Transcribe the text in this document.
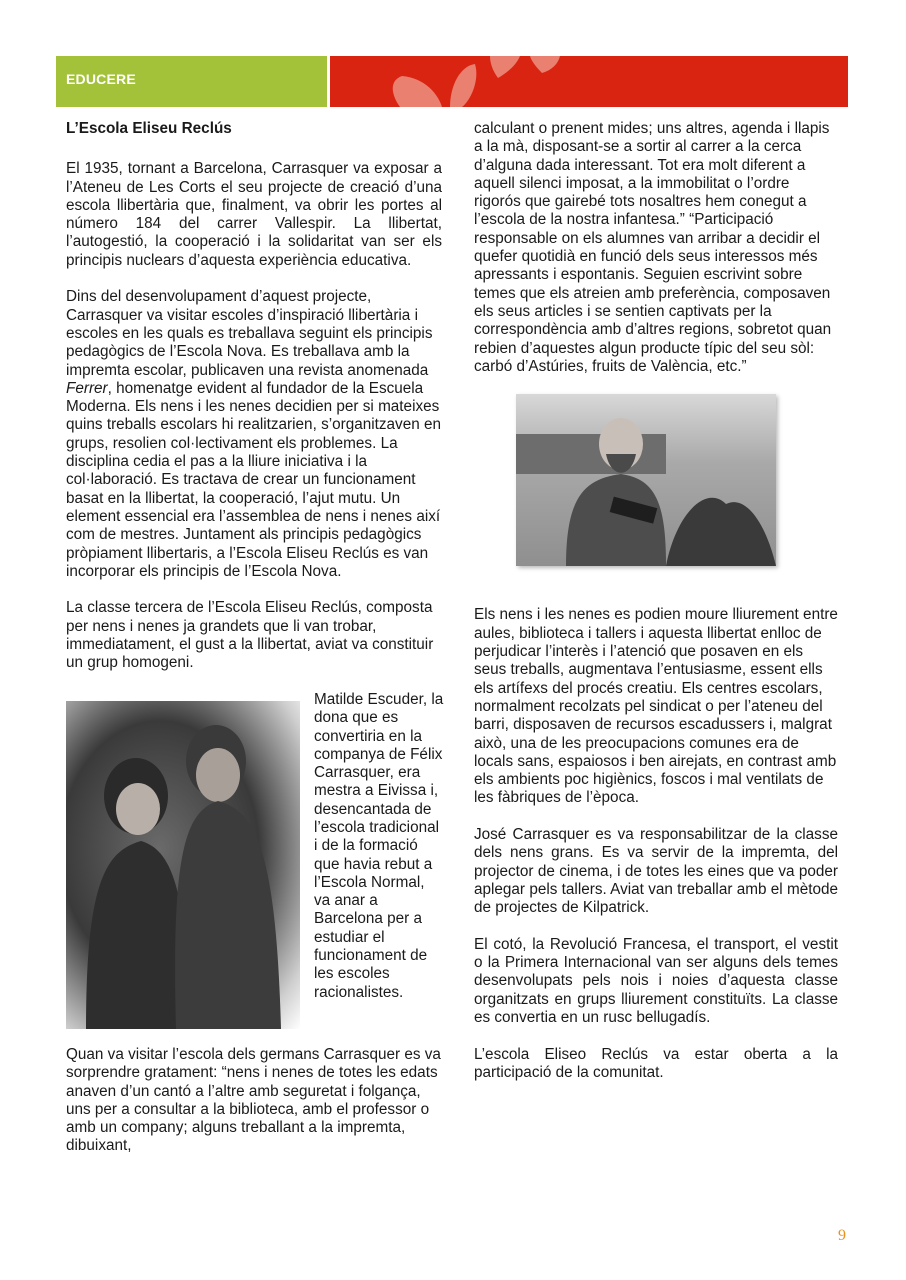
EDUCERE
L’Escola Eliseu Reclús

El 1935, tornant a Barcelona, Carrasquer va exposar a l’Ateneu de Les Corts el seu projecte de creació d’una escola llibertària que, finalment, va obrir les portes al número 184 del carrer Vallespir. La llibertat, l’autogestió, la cooperació i la solidaritat van ser els principis nuclears d’aquesta experiència educativa.

Dins del desenvolupament d’aquest projecte, Carrasquer va visitar escoles d’inspiració llibertària i escoles en les quals es treballava seguint els principis pedagògics de l’Escola Nova. Es treballava amb la impremta escolar, publicaven una revista anomenada Ferrer, homenatge evident al fundador de la Escuela Moderna. Els nens i les nenes decidien per si mateixes quins treballs escolars hi realitzarien, s’organitzaven en grups, resolien col·lectivament els problemes. La disciplina cedia el pas a la lliure iniciativa i la col·laboració. Es tractava de crear un funcionament basat en la llibertat, la cooperació, l’ajut mutu. Un element essencial era l’assemblea de nens i nenes així com de mestres. Juntament als principis pedagògics pròpiament llibertaris, a l’Escola Eliseu Reclús es van incorporar els principis de l’Escola Nova.

La classe tercera de l’Escola Eliseu Reclús, composta per nens i nenes ja grandets que li van trobar, immediatament, el gust a la llibertat, aviat va constituir un grup homogeni.

Matilde Escuder, la dona que es convertiria en la companya de Félix Carrasquer, era mestra a Eivissa i, desencantada de l’escola tradicional i de la formació que havia rebut a l’Escola Normal, va anar a Barcelona per a estudiar el funcionament de les escoles racionalistes.

Quan va visitar l’escola dels germans Carrasquer es va sorprendre gratament: “nens i nenes de totes les edats anaven d’un cantó a l’altre amb seguretat i folgança, uns per a consultar a la biblioteca, amb el professor o amb un company; alguns treballant a la impremta, dibuixant,

calculant o prenent mides; uns altres, agenda i llapis a la mà, disposant-se a sortir al carrer a la cerca d’alguna dada interessant. Tot era molt diferent a aquell silenci imposat, a la immobilitat o l’ordre rigorós que gairebé tots nosaltres hem conegut a l’escola de la nostra infantesa.” “Participació responsable on els alumnes van arribar a decidir el quefer quotidià en funció dels seus interessos més apressants i espontanis. Seguien escrivint sobre temes que els atreien amb preferència, composaven els seus articles i se sentien captivats per la correspondència amb d’altres regions, sobretot quan rebien d’aquestes algun producte típic del seu sòl: carbó d’Astúries, fruits de València, etc.”

Els nens i les nenes es podien moure lliurement entre aules, biblioteca i tallers i aquesta llibertat enlloc de perjudicar l’interès i l’atenció que posaven en els seus treballs, augmentava l’entusiasme, essent ells els artífexs del procés creatiu. Els centres escolars, normalment recolzats pel sindicat o per l’ateneu del barri, disposaven de recursos escadussers i, malgrat això, una de les preocupacions comunes era de locals sans, espaiosos i ben airejats, en contrast amb els ambients poc higiènics, foscos i mal ventilats de les fàbriques de l’època.

José Carrasquer es va responsabilitzar de la classe dels nens grans. Es va servir de la impremta, del projector de cinema, i de totes les eines que va poder aplegar pels tallers. Aviat van treballar amb el mètode de projectes de Kilpatrick.

El cotó, la Revolució Francesa, el transport, el vestit o la Primera Internacional van ser alguns dels temes desenvolupats pels nois i noies d’aquesta classe organitzats en grups lliurement constituïts. La classe es convertia en un rusc bellugadís.

L’escola Eliseo Reclús va estar oberta a la participació de la comunitat.

9
